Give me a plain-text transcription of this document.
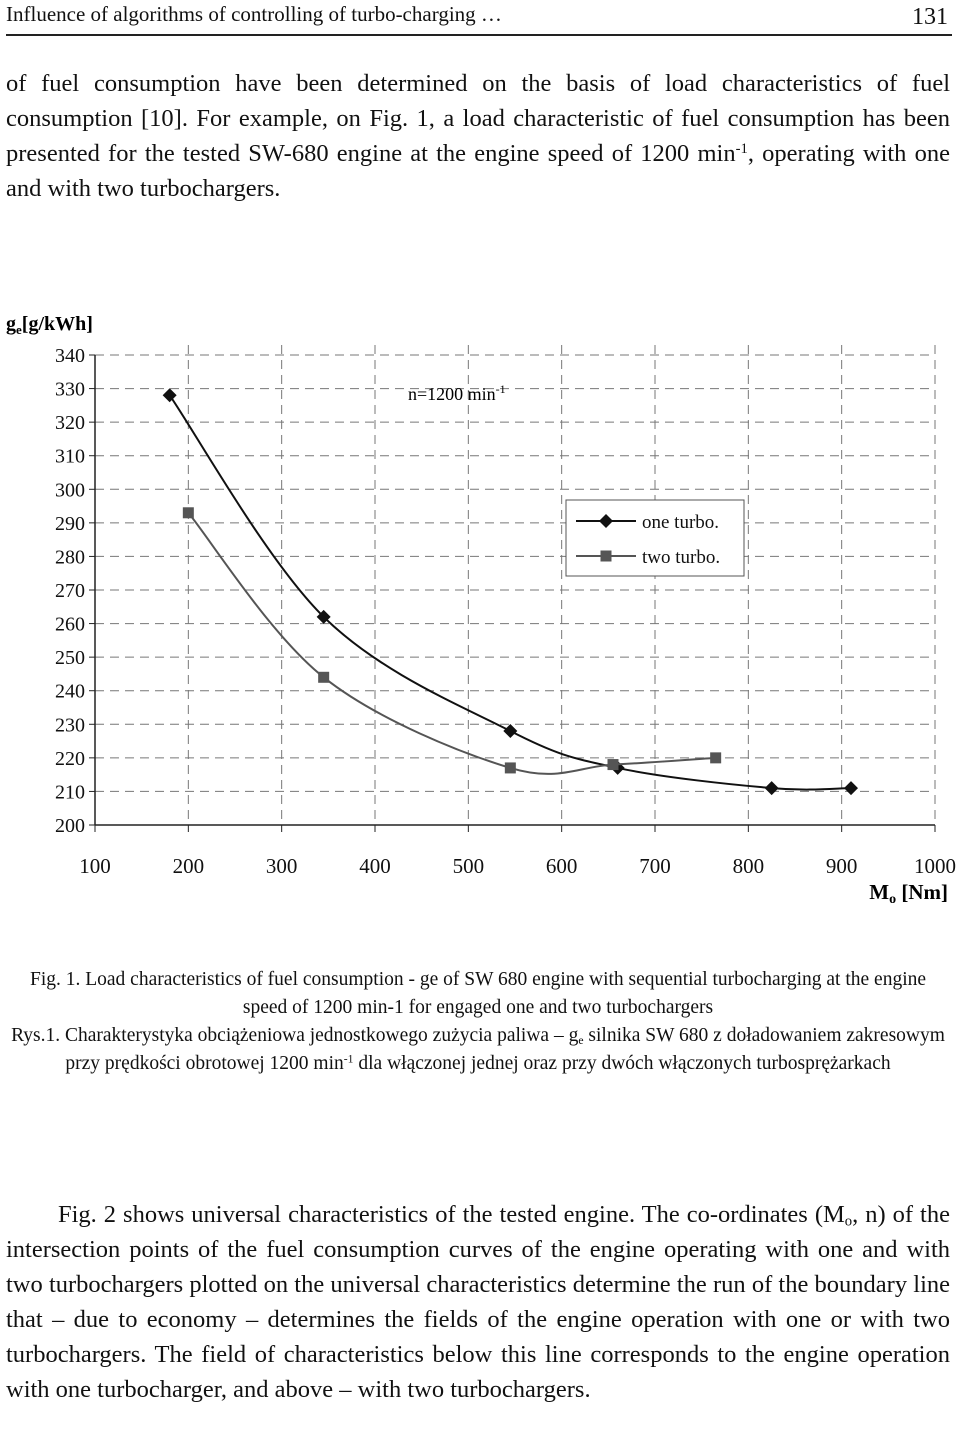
Influence of algorithms of controlling of turbo-charging …	131

of fuel consumption have been determined on the basis of load characteristics of fuel consumption [10]. For example, on Fig. 1, a load characteristic of fuel consumption has been presented for the tested SW-680 engine at the engine speed of 1200 $\min^{-1}$, operating with one and with two turbochargers.

340
330
320
310
300
290
280
270
260
250
240
230
220
210
200
100	200	300	400	500	600	700	800	900	1000
$g_e[g/kWh]$
Mo [Nm]
n=1200 $\min^{-1}$
one turbo.
two turbo.

Fig. 1. Load characteristics of fuel consumption - ge of SW 680 engine with sequential turbocharging at the engine speed of 1200 min-1 for engaged one and two turbochargers

Rys.1. Charakterystyka obciążeniowa jednostkowego zużycia paliwa – $g_e$ silnika SW 680 z doładowaniem zakresowym przy prędkości obrotowej 1200 $\min^{-1}$ dla włączonej jednej oraz przy dwóch włączonych turbosprężarkach

Fig. 2 shows universal characteristics of the tested engine. The co-ordinates ($M_o$, n) of the intersection points of the fuel consumption curves of the engine operating with one and with two turbochargers plotted on the universal characteristics determine the run of the boundary line that – due to economy – determines the fields of the engine operation with one or with two turbochargers. The field of characteristics below this line corresponds to the engine operation with one turbocharger, and above – with two turbochargers.
